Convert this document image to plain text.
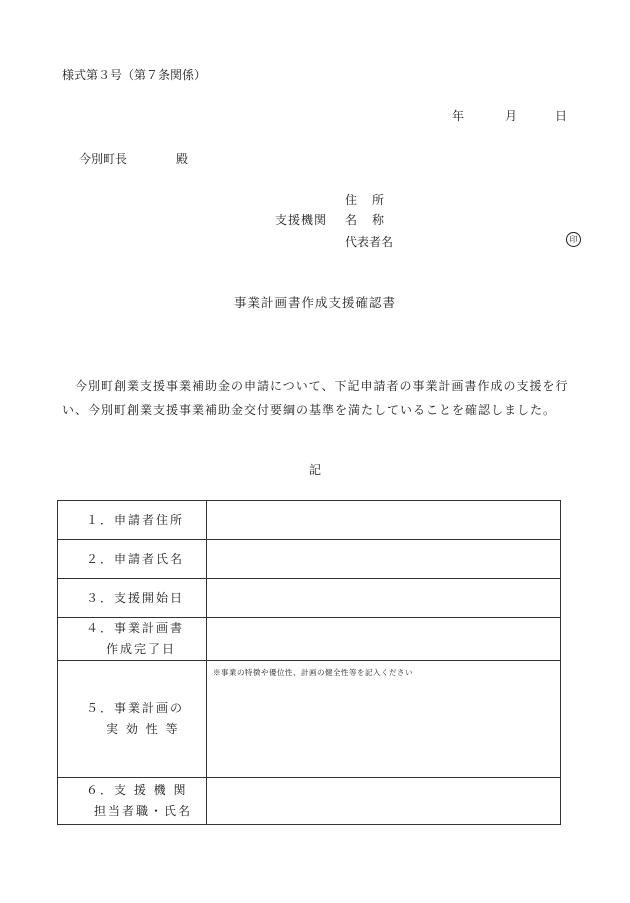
様式第３号（第７条関係）
年	月	日
今別町長	殿
支援機関
住所
名称
代表者名	印
事業計画書作成支援確認書
今別町創業支援事業補助金の申請について、下記申請者の事業計画書作成の支援を行い、今別町創業支援事業補助金交付要綱の基準を満たしていることを確認しました。
記
１．申請者住所	

２．申請者氏名	

３．支援開始日	

４．事業計画書
作成完了日	

５．事業計画の
実 効 性 等	※事業の特徴や優位性、計画の健全性等を記入ください

６．支 援 機 関
担当者職・氏名	
